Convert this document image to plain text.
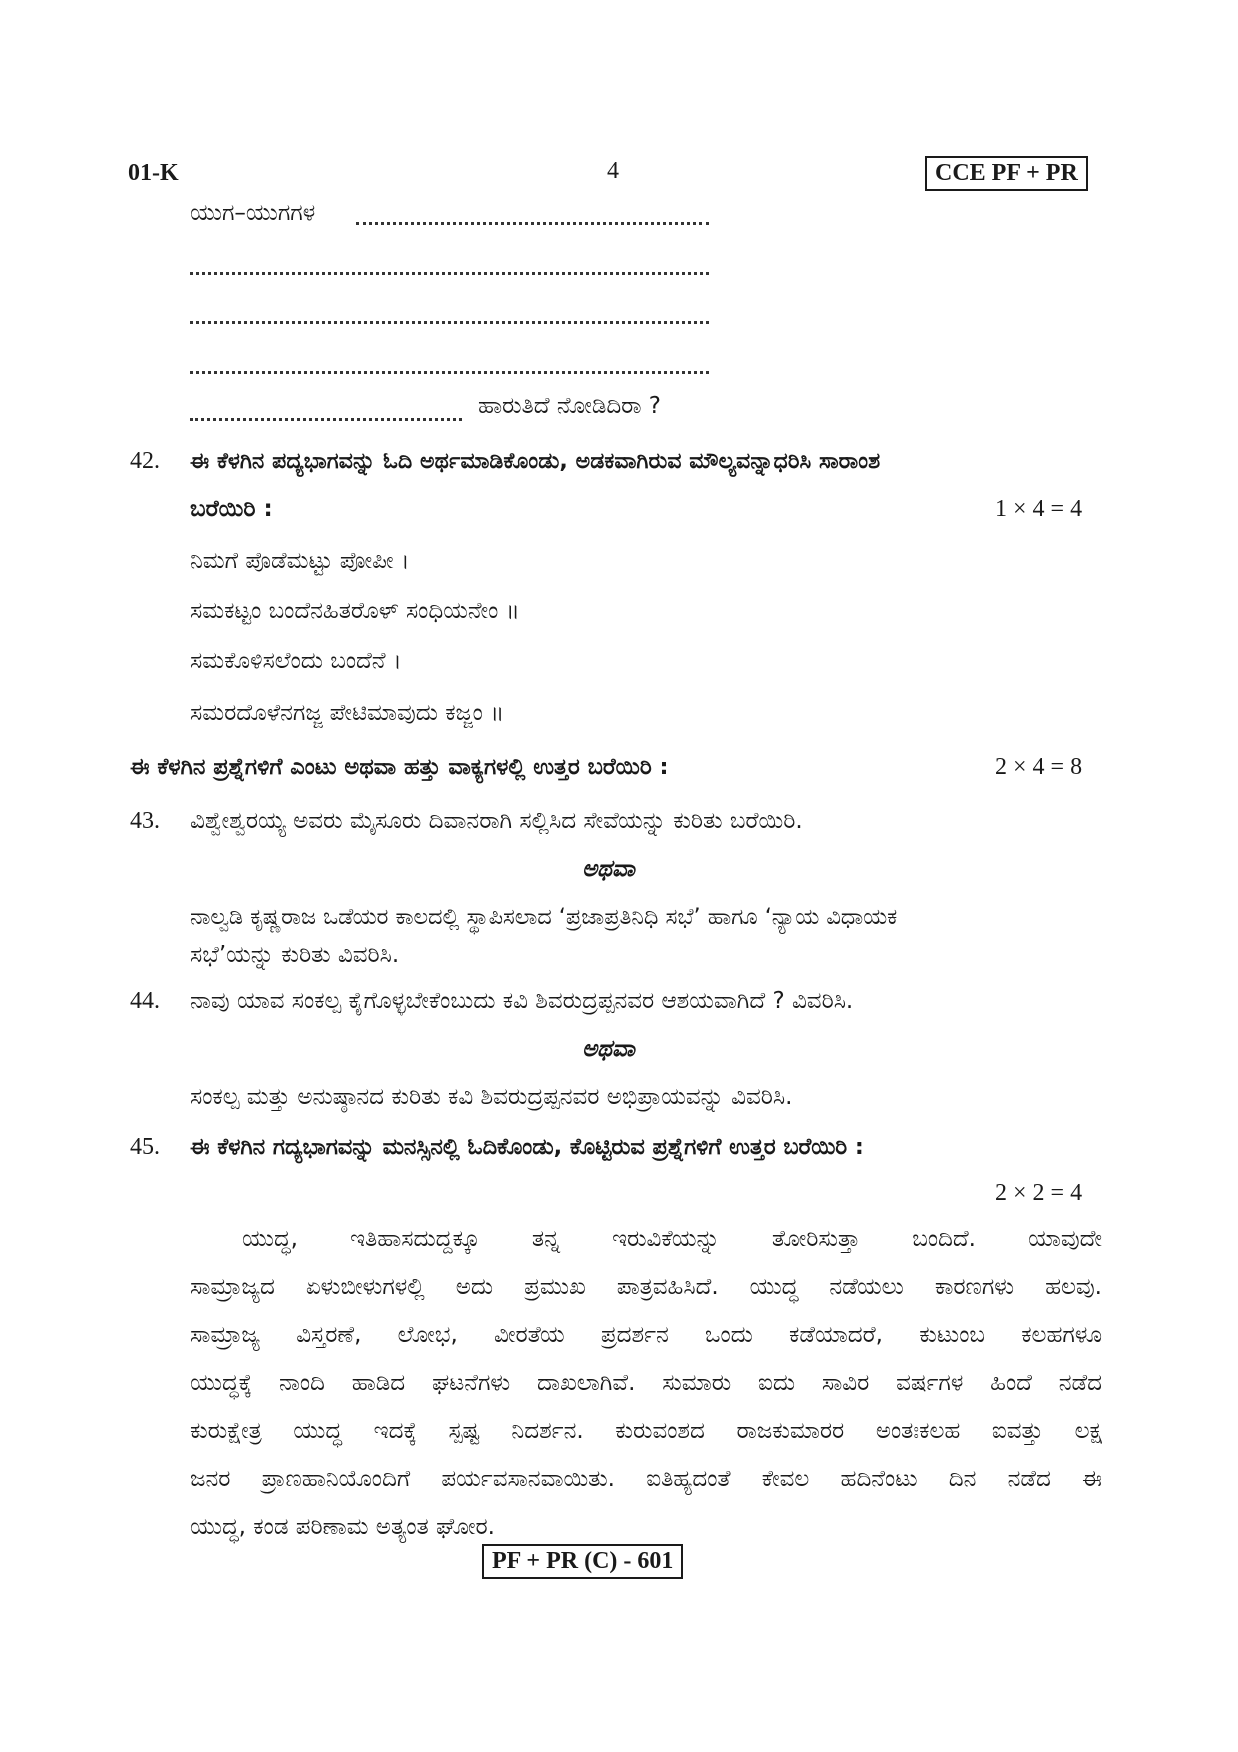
01-K	4	CCE PF + PR
ಯುಗ–ಯುಗಗಳ
ಹಾರುತಿದೆ ನೋಡಿದಿರಾ ?
42. ಈ ಕೆಳಗಿನ ಪದ್ಯಭಾಗವನ್ನು ಓದಿ ಅರ್ಥಮಾಡಿಕೊಂಡು, ಅಡಕವಾಗಿರುವ ಮೌಲ್ಯವನ್ನಾಧರಿಸಿ ಸಾರಾಂಶ
ಬರೆಯಿರಿ :	1 × 4 = 4
ನಿಮಗೆ ಪೊಡೆಮಟ್ಟು ಪೋಪೀ ।
ಸಮಕಟ್ಟಂ ಬಂದೆನಹಿತರೊಳ್ ಸಂಧಿಯನೇಂ ॥
ಸಮಕೊಳಿಸಲೆಂದು ಬಂದೆನೆ ।
ಸಮರದೊಳೆನಗಜ್ಜ ಪೇಟಿಮಾವುದು ಕಜ್ಜಂ ॥
ಈ ಕೆಳಗಿನ ಪ್ರಶ್ನೆಗಳಿಗೆ ಎಂಟು ಅಥವಾ ಹತ್ತು ವಾಕ್ಯಗಳಲ್ಲಿ ಉತ್ತರ ಬರೆಯಿರಿ :	2 × 4 = 8
43. ವಿಶ್ವೇಶ್ವರಯ್ಯ ಅವರು ಮೈಸೂರು ದಿವಾನರಾಗಿ ಸಲ್ಲಿಸಿದ ಸೇವೆಯನ್ನು ಕುರಿತು ಬರೆಯಿರಿ.
ಅಥವಾ
ನಾಲ್ವಡಿ ಕೃಷ್ಣರಾಜ ಒಡೆಯರ ಕಾಲದಲ್ಲಿ ಸ್ಥಾಪಿಸಲಾದ ‘ಪ್ರಜಾಪ್ರತಿನಿಧಿ ಸಭೆ’ ಹಾಗೂ ‘ನ್ಯಾಯ ವಿಧಾಯಕ
ಸಭೆ’ಯನ್ನು ಕುರಿತು ವಿವರಿಸಿ.
44. ನಾವು ಯಾವ ಸಂಕಲ್ಪ ಕೈಗೊಳ್ಳಬೇಕೆಂಬುದು ಕವಿ ಶಿವರುದ್ರಪ್ಪನವರ ಆಶಯವಾಗಿದೆ ? ವಿವರಿಸಿ.
ಅಥವಾ
ಸಂಕಲ್ಪ ಮತ್ತು ಅನುಷ್ಠಾನದ ಕುರಿತು ಕವಿ ಶಿವರುದ್ರಪ್ಪನವರ ಅಭಿಪ್ರಾಯವನ್ನು ವಿವರಿಸಿ.
45. ಈ ಕೆಳಗಿನ ಗದ್ಯಭಾಗವನ್ನು ಮನಸ್ಸಿನಲ್ಲಿ ಓದಿಕೊಂಡು, ಕೊಟ್ಟಿರುವ ಪ್ರಶ್ನೆಗಳಿಗೆ ಉತ್ತರ ಬರೆಯಿರಿ :
2 × 2 = 4
ಯುದ್ಧ, ಇತಿಹಾಸದುದ್ದಕ್ಕೂ ತನ್ನ ಇರುವಿಕೆಯನ್ನು ತೋರಿಸುತ್ತಾ ಬಂದಿದೆ. ಯಾವುದೇ
ಸಾಮ್ರಾಜ್ಯದ ಏಳುಬೀಳುಗಳಲ್ಲಿ ಅದು ಪ್ರಮುಖ ಪಾತ್ರವಹಿಸಿದೆ. ಯುದ್ಧ ನಡೆಯಲು ಕಾರಣಗಳು ಹಲವು.
ಸಾಮ್ರಾಜ್ಯ ವಿಸ್ತರಣೆ, ಲೋಭ, ವೀರತೆಯ ಪ್ರದರ್ಶನ ಒಂದು ಕಡೆಯಾದರೆ, ಕುಟುಂಬ ಕಲಹಗಳೂ
ಯುದ್ಧಕ್ಕೆ ನಾಂದಿ ಹಾಡಿದ ಘಟನೆಗಳು ದಾಖಲಾಗಿವೆ. ಸುಮಾರು ಐದು ಸಾವಿರ ವರ್ಷಗಳ ಹಿಂದೆ ನಡೆದ
ಕುರುಕ್ಷೇತ್ರ ಯುದ್ಧ ಇದಕ್ಕೆ ಸ್ಪಷ್ಟ ನಿದರ್ಶನ. ಕುರುವಂಶದ ರಾಜಕುಮಾರರ ಅಂತಃಕಲಹ ಐವತ್ತು ಲಕ್ಷ
ಜನರ ಪ್ರಾಣಹಾನಿಯೊಂದಿಗೆ ಪರ್ಯವಸಾನವಾಯಿತು. ಐತಿಹ್ಯದಂತೆ ಕೇವಲ ಹದಿನೆಂಟು ದಿನ ನಡೆದ ಈ
ಯುದ್ಧ, ಕಂಡ ಪರಿಣಾಮ ಅತ್ಯಂತ ಘೋರ.
PF + PR (C) - 601
